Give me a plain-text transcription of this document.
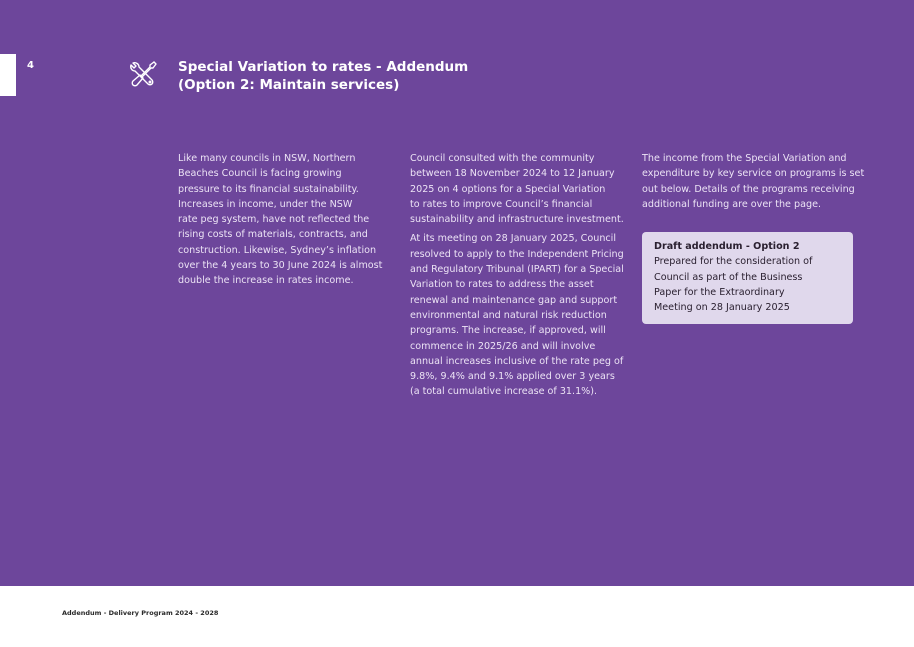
4	Special Variation to rates - Addendum
(Option 2: Maintain services)

Like many councils in NSW, Northern
Beaches Council is facing growing
pressure to its financial sustainability.
Increases in income, under the NSW
rate peg system, have not reflected the
rising costs of materials, contracts, and
construction. Likewise, Sydney’s inflation
over the 4 years to 30 June 2024 is almost
double the increase in rates income.

Council consulted with the community
between 18 November 2024 to 12 January
2025 on 4 options for a Special Variation
to rates to improve Council’s financial
sustainability and infrastructure investment.

At its meeting on 28 January 2025, Council
resolved to apply to the Independent Pricing
and Regulatory Tribunal (IPART) for a Special
Variation to rates to address the asset
renewal and maintenance gap and support
environmental and natural risk reduction
programs. The increase, if approved, will
commence in 2025/26 and will involve
annual increases inclusive of the rate peg of
9.8%, 9.4% and 9.1% applied over 3 years
(a total cumulative increase of 31.1%).

The income from the Special Variation and
expenditure by key service on programs is set
out below. Details of the programs receiving
additional funding are over the page.

Draft addendum - Option 2
Prepared for the consideration of
Council as part of the Business
Paper for the Extraordinary
Meeting on 28 January 2025
Addendum - Delivery Program 2024 - 2028
